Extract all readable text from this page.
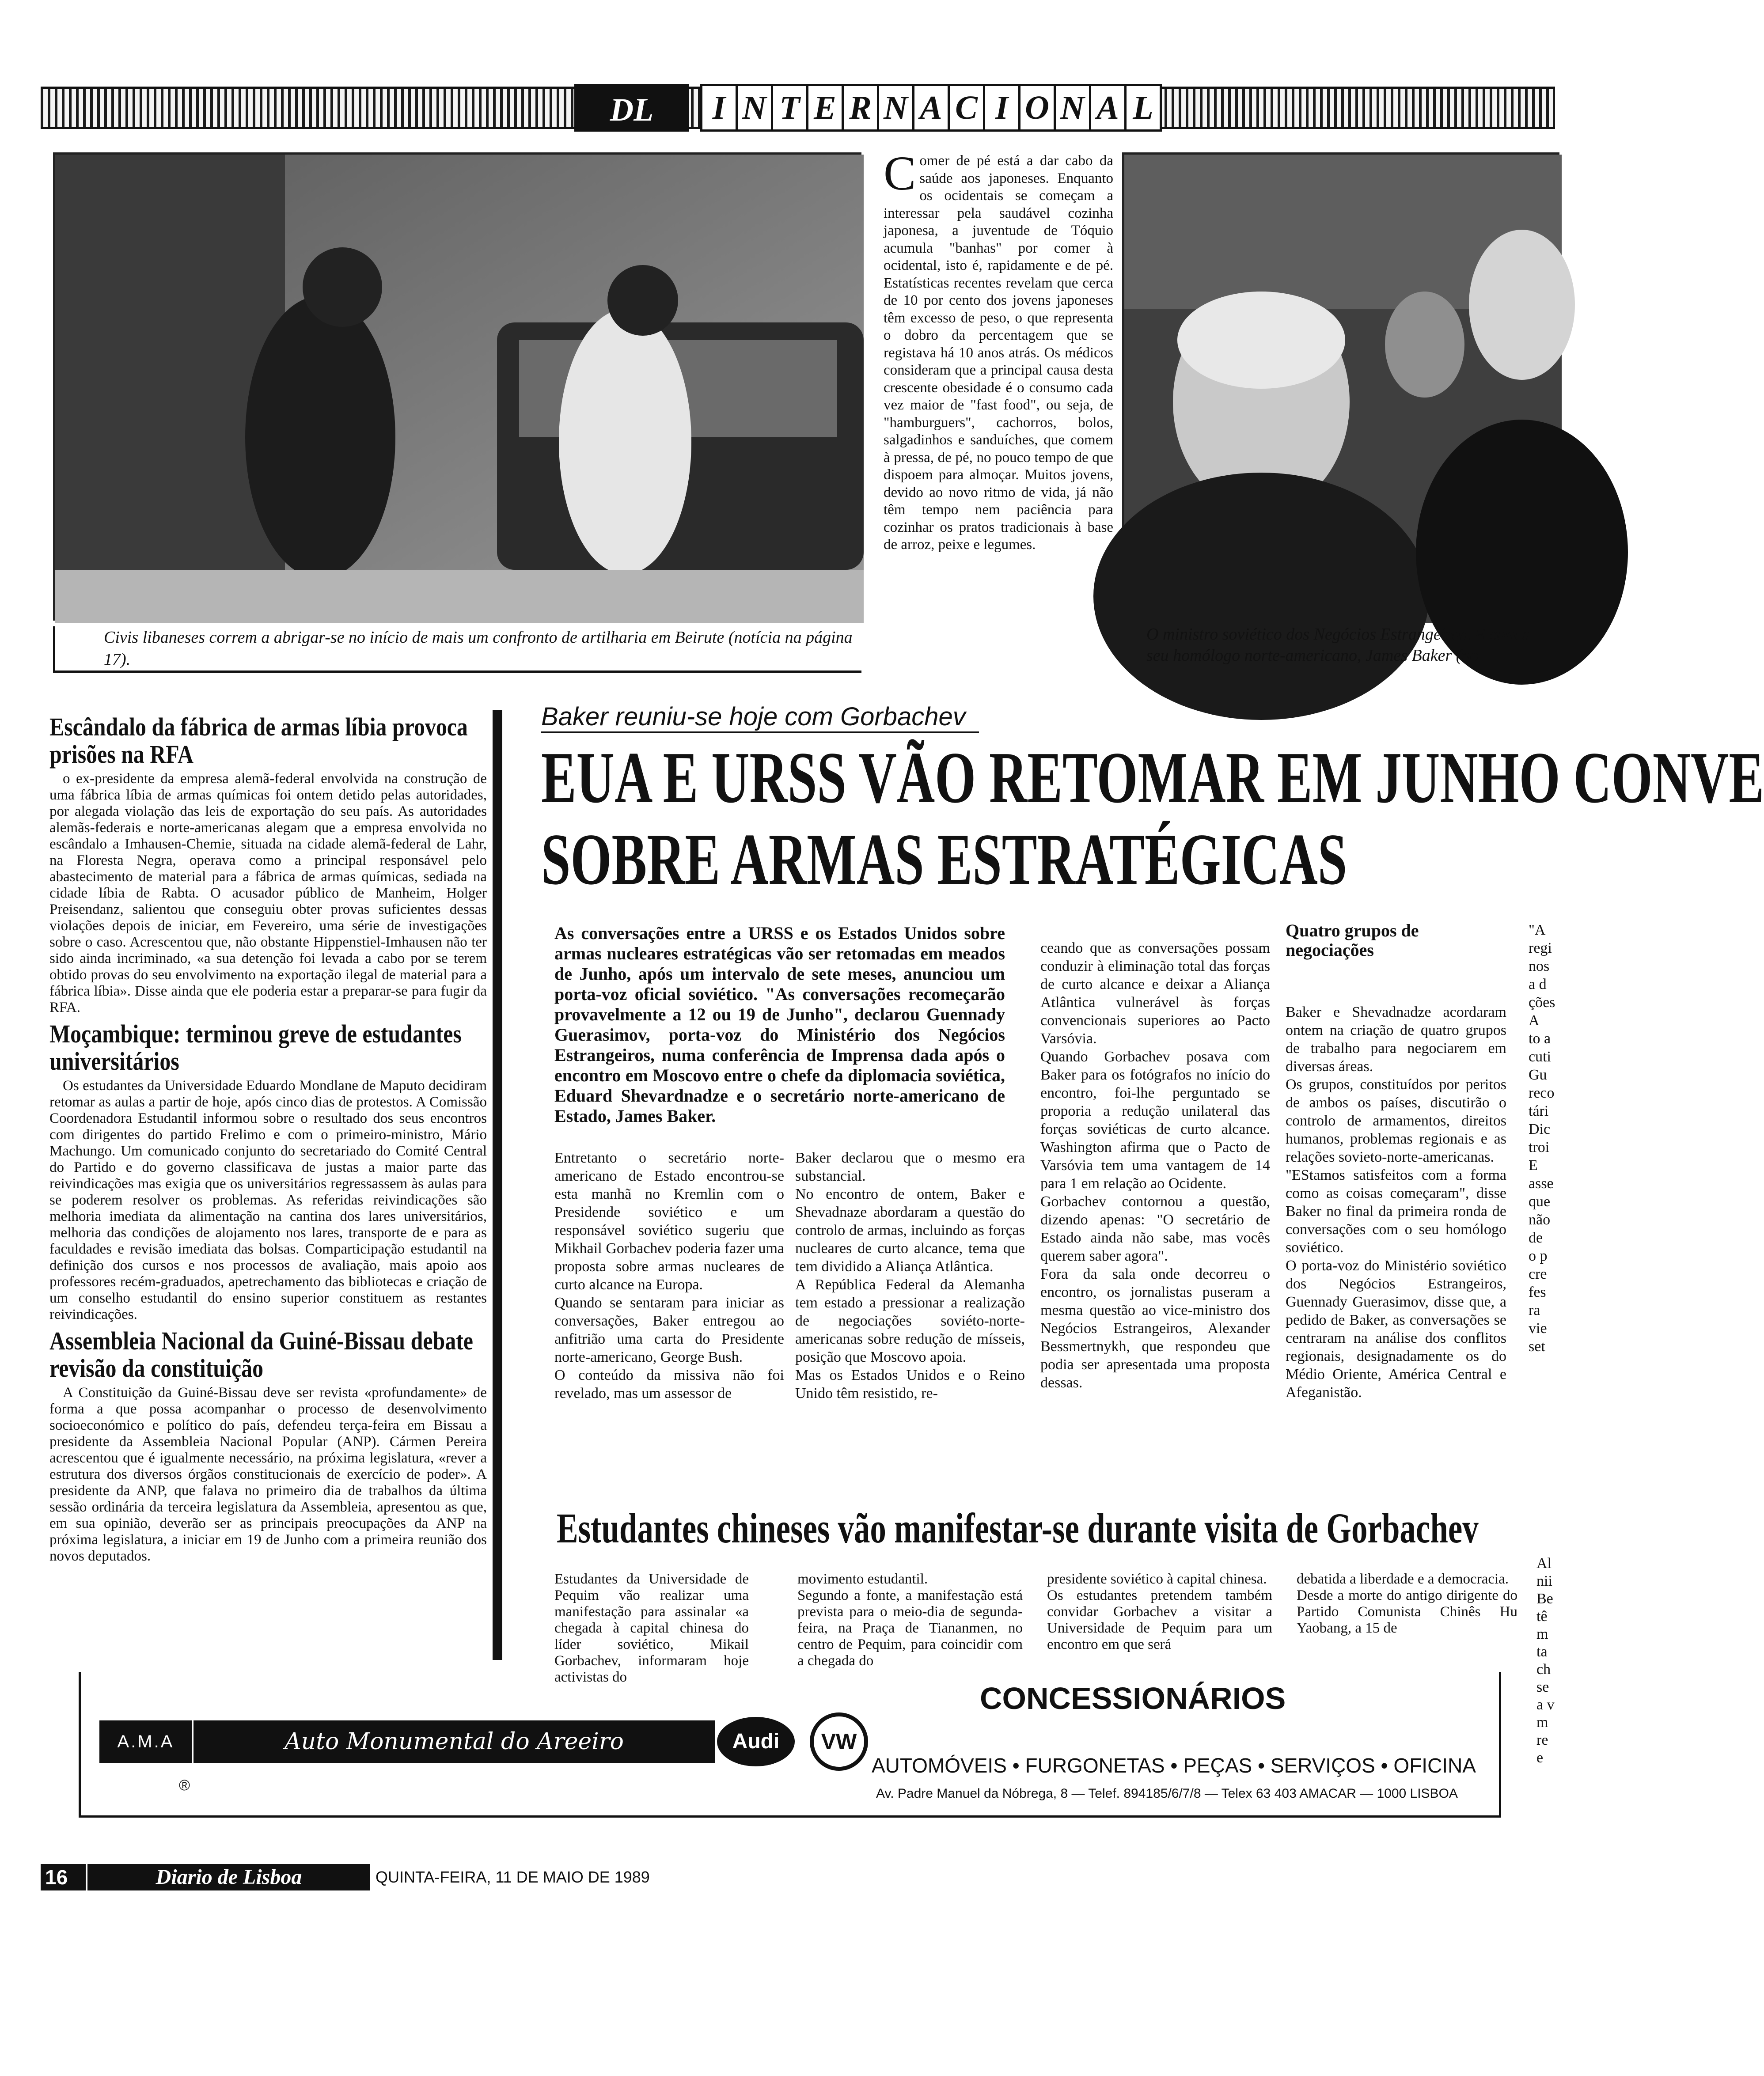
DL	I N T E R N A C I O N A L
Civis libaneses correm a abrigar-se no início de mais um confronto de artilharia em Beirute (notícia na página 17).
C omer de pé está a dar cabo da saúde aos japoneses. Enquanto os ocidentais se começam a interessar pela saudável cozinha japonesa, a juventude de Tóquio acumula "banhas" por comer à ocidental, isto é, rapidamente e de pé. Estatísticas recentes revelam que cerca de 10 por cento dos jovens japoneses têm excesso de peso, o que representa o dobro da percentagem que se registava há 10 anos atrás. Os médicos consideram que a principal causa desta crescente obesidade é o consumo cada vez maior de "fast food", ou seja, de "hamburguers", cachorros, bolos, salgadinhos e sanduíches, que comem à pressa, de pé, no pouco tempo de que dispoem para almoçar. Muitos jovens, devido ao novo ritmo de vida, já não têm tempo nem paciência para cozinhar os pratos tradicionais à base de arroz, peixe e legumes.
O ministro soviético dos Negócios Estrangeiros, E com o seu homólogo norte-americano, James Baker (no
Escândalo da fábrica de armas líbia provoca prisões na RFA
o ex-presidente da empresa alemã-federal envolvida na construção de uma fábrica líbia de armas químicas foi ontem detido pelas autoridades, por alegada violação das leis de exportação do seu país. As autoridades alemãs-federais e norte-americanas alegam que a empresa envolvida no escândalo a Imhausen-Chemie, situada na cidade alemã-federal de Lahr, na Floresta Negra, operava como a principal responsável pelo abastecimento de material para a fábrica de armas químicas, sediada na cidade líbia de Rabta. O acusador público de Manheim, Holger Preisendanz, salientou que conseguiu obter provas suficientes dessas violações depois de iniciar, em Fevereiro, uma série de investigações sobre o caso. Acrescentou que, não obstante Hippenstiel-Imhausen não ter sido ainda incriminado, «a sua detenção foi levada a cabo por se terem obtido provas do seu envolvimento na exportação ilegal de material para a fábrica líbia». Disse ainda que ele poderia estar a preparar-se para fugir da RFA.
Moçambique: terminou greve de estudantes universitários
Os estudantes da Universidade Eduardo Mondlane de Maputo decidiram retomar as aulas a partir de hoje, após cinco dias de protestos. A Comissão Coordenadora Estudantil informou sobre o resultado dos seus encontros com dirigentes do partido Frelimo e com o primeiro-ministro, Mário Machungo. Um comunicado conjunto do secretariado do Comité Central do Partido e do governo classificava de justas a maior parte das reivindicações mas exigia que os universitários regressassem às aulas para se poderem resolver os problemas. As referidas reivindicações são melhoria imediata da alimentação na cantina dos lares universitários, melhoria das condições de alojamento nos lares, transporte de e para as faculdades e revisão imediata das bolsas. Comparticipação estudantil na definição dos cursos e nos processos de avaliação, mais apoio aos professores recém-graduados, apetrechamento das bibliotecas e criação de um conselho estudantil do ensino superior constituem as restantes reivindicações.
Assembleia Nacional da Guiné-Bissau debate revisão da constituição
A Constituição da Guiné-Bissau deve ser revista «profundamente» de forma a que possa acompanhar o processo de desenvolvimento socioeconómico e político do país, defendeu terça-feira em Bissau a presidente da Assembleia Nacional Popular (ANP). Cármen Pereira acrescentou que é igualmente necessário, na próxima legislatura, «rever a estrutura dos diversos órgãos constitucionais de exercício de poder». A presidente da ANP, que falava no primeiro dia de trabalhos da última sessão ordinária da terceira legislatura da Assembleia, apresentou as que, em sua opinião, deverão ser as principais preocupações da ANP na próxima legislatura, a iniciar em 19 de Junho com a primeira reunião dos novos deputados.
Baker reuniu-se hoje com Gorbachev
EUA E URSS VÃO RETOMAR EM JUNHO CONVE
SOBRE ARMAS ESTRATÉGICAS
As conversações entre a URSS e os Estados Unidos sobre armas nucleares estratégicas vão ser retomadas em meados de Junho, após um intervalo de sete meses, anunciou um porta-voz oficial soviético. "As conversações recomeçarão provavelmente a 12 ou 19 de Junho", declarou Guennady Guerasimov, porta-voz do Ministério dos Negócios Estrangeiros, numa conferência de Imprensa dada após o encontro em Moscovo entre o chefe da diplomacia soviética, Eduard Shevardnadze e o secretário norte-americano de Estado, James Baker.

Entretanto o secretário norte-americano de Estado encontrou-se esta manhã no Kremlin com o Presidende soviético e um responsável soviético sugeriu que Mikhail Gorbachev poderia fazer uma proposta sobre armas nucleares de curto alcance na Europa.
Quando se sentaram para iniciar as conversações, Baker entregou ao anfitrião uma carta do Presidente norte-americano, George Bush.
O conteúdo da missiva não foi revelado, mas um assessor de

Baker declarou que o mesmo era substancial.
No encontro de ontem, Baker e Shevadnaze abordaram a questão do controlo de armas, incluindo as forças nucleares de curto alcance, tema que tem dividido a Aliança Atlântica.
A República Federal da Alemanha tem estado a pressionar a realização de negociações soviéto-norte-americanas sobre redução de mísseis, posição que Moscovo apoia.
Mas os Estados Unidos e o Reino Unido têm resistido, re-

ceando que as conversações possam conduzir à eliminação total das forças de curto alcance e deixar a Aliança Atlântica vulnerável às forças convencionais superiores ao Pacto Varsóvia.
Quando Gorbachev posava com Baker para os fotógrafos no início do encontro, foi-lhe perguntado se proporia a redução unilateral das forças soviéticas de curto alcance. Washington afirma que o Pacto de Varsóvia tem uma vantagem de 14 para 1 em relação ao Ocidente.
Gorbachev contornou a questão, dizendo apenas: "O secretário de Estado ainda não sabe, mas vocês querem saber agora".
Fora da sala onde decorreu o encontro, os jornalistas puseram a mesma questão ao vice-ministro dos Negócios Estrangeiros, Alexander Bessmertnykh, que respondeu que podia ser apresentada uma proposta dessas.

Quatro grupos de negociações

Baker e Shevadnadze acordaram ontem na criação de quatro grupos de trabalho para negociarem em diversas áreas.
Os grupos, constituídos por peritos de ambos os países, discutirão o controlo de armamentos, direitos humanos, problemas regionais e as relações sovieto-norte-americanas.
"EStamos satisfeitos com a forma como as coisas começaram", disse Baker no final da primeira ronda de conversações com o seu homólogo soviético.
O porta-voz do Ministério soviético dos Negócios Estrangeiros, Guennady Guerasimov, disse que, a pedido de Baker, as conversações se centraram na análise dos conflitos regionais, designadamente os do Médio Oriente, América Central e Afeganistão.

"A
regi
nos
a d
ções
A
to a
cuti
Gu
reco
tári
Dic
troi
E
asse
que
não
de
o p
cre
fes
ra
vie
set
Estudantes chineses vão manifestar-se durante visita de Gorbachev

Estudantes da Universidade de Pequim vão realizar uma manifestação para assinalar «a chegada à capital chinesa do líder soviético, Mikail Gorbachev, informaram hoje activistas do

movimento estudantil.
Segundo a fonte, a manifestação está prevista para o meio-dia de segunda-feira, na Praça de Tiananmen, no centro de Pequim, para coincidir com a chegada do

presidente soviético à capital chinesa.
Os estudantes pretendem também convidar Gorbachev a visitar a Universidade de Pequim para um encontro em que será

debatida a liberdade e a democracia.
Desde a morte do antigo dirigente do Partido Comunista Chinês Hu Yaobang, a 15 de

Al
nii
Be
tê
m
ta
ch
se
a v
m
re
e
A.M.A	Auto Monumental do Areeiro
®
Audi	VW
CONCESSIONÁRIOS
AUTOMÓVEIS • FURGONETAS • PEÇAS • SERVIÇOS • OFICINA
Av. Padre Manuel da Nóbrega, 8 — Telef. 894185/6/7/8 — Telex 63 403 AMACAR — 1000 LISBOA
16	Diario de Lisboa	QUINTA-FEIRA, 11 DE MAIO DE 1989
